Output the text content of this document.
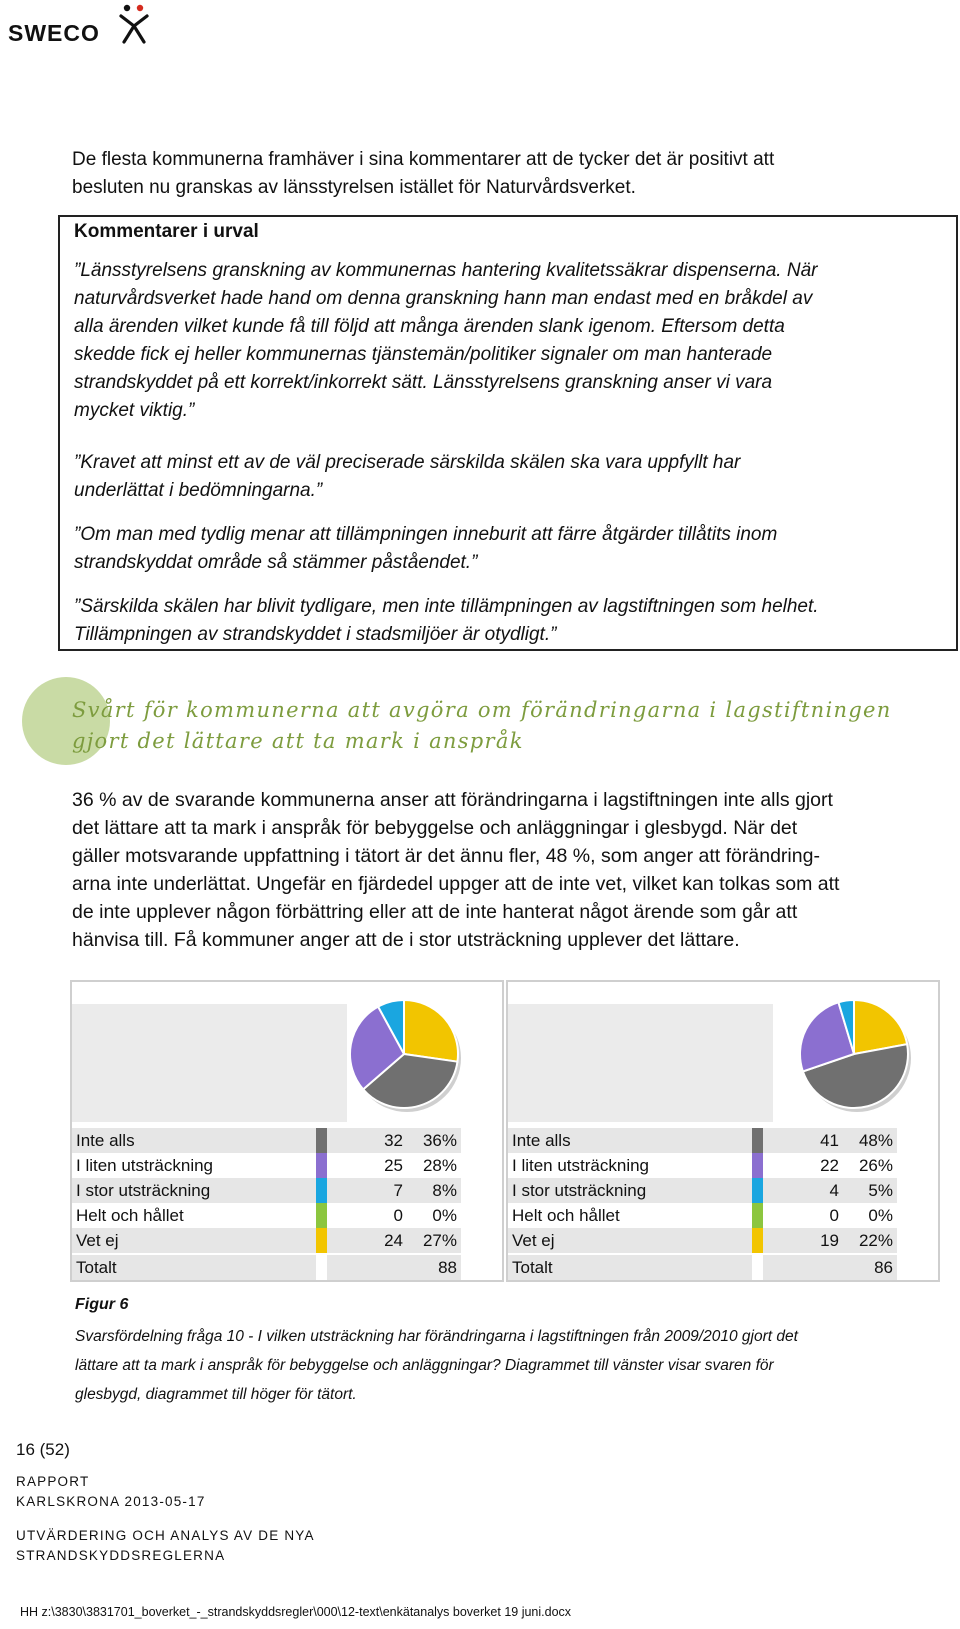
SWECO
De flesta kommunerna framhäver i sina kommentarer att de tycker det är positivt att
besluten nu granskas av länsstyrelsen istället för Naturvårdsverket.
Kommentarer i urval
”Länsstyrelsens granskning av kommunernas hantering kvalitetssäkrar dispenserna. När
naturvårdsverket hade hand om denna granskning hann man endast med en bråkdel av
alla ärenden vilket kunde få till följd att många ärenden slank igenom. Eftersom detta
skedde fick ej heller kommunernas tjänstemän/politiker signaler om man hanterade
strandskyddet på ett korrekt/inkorrekt sätt. Länsstyrelsens granskning anser vi vara
mycket viktig.”
”Kravet att minst ett av de väl preciserade särskilda skälen ska vara uppfyllt har
underlättat i bedömningarna.”
”Om man med tydlig menar att tillämpningen inneburit att färre åtgärder tillåtits inom
strandskyddat område så stämmer påståendet.”
”Särskilda skälen har blivit tydligare, men inte tillämpningen av lagstiftningen som helhet.
Tillämpningen av strandskyddet i stadsmiljöer är otydligt.”
Svårt för kommunerna att avgöra om förändringarna i lagstiftningen
gjort det lättare att ta mark i anspråk
36 % av de svarande kommunerna anser att förändringarna i lagstiftningen inte alls gjort
det lättare att ta mark i anspråk för bebyggelse och anläggningar i glesbygd. När det
gäller motsvarande uppfattning i tätort är det ännu fler, 48 %, som anger att förändring-
arna inte underlättat. Ungefär en fjärdedel uppger att de inte vet, vilket kan tolkas som att
de inte upplever någon förbättring eller att de inte hanterat något ärende som går att
hänvisa till. Få kommuner anger att de i stor utsträckning upplever det lättare.
Inte alls		32	36%
I liten utsträckning		25	28%
I stor utsträckning		7	8%
Helt och hållet		0	0%
Vet ej		24	27%
Totalt		88	
Inte alls		41	48%
I liten utsträckning		22	26%
I stor utsträckning		4	5%
Helt och hållet		0	0%
Vet ej		19	22%
Totalt		86	
Figur 6
Svarsfördelning fråga 10 - I vilken utsträckning har förändringarna i lagstiftningen från 2009/2010 gjort det
lättare att ta mark i anspråk för bebyggelse och anläggningar? Diagrammet till vänster visar svaren för
glesbygd, diagrammet till höger för tätort.
16 (52)
RAPPORT
KARLSKRONA 2013-05-17
UTVÄRDERING OCH ANALYS AV DE NYA
STRANDSKYDDSREGLERNA
HH z:\3830\3831701_boverket_-_strandskyddsregler\000\12-text\enkätanalys boverket 19 juni.docx
